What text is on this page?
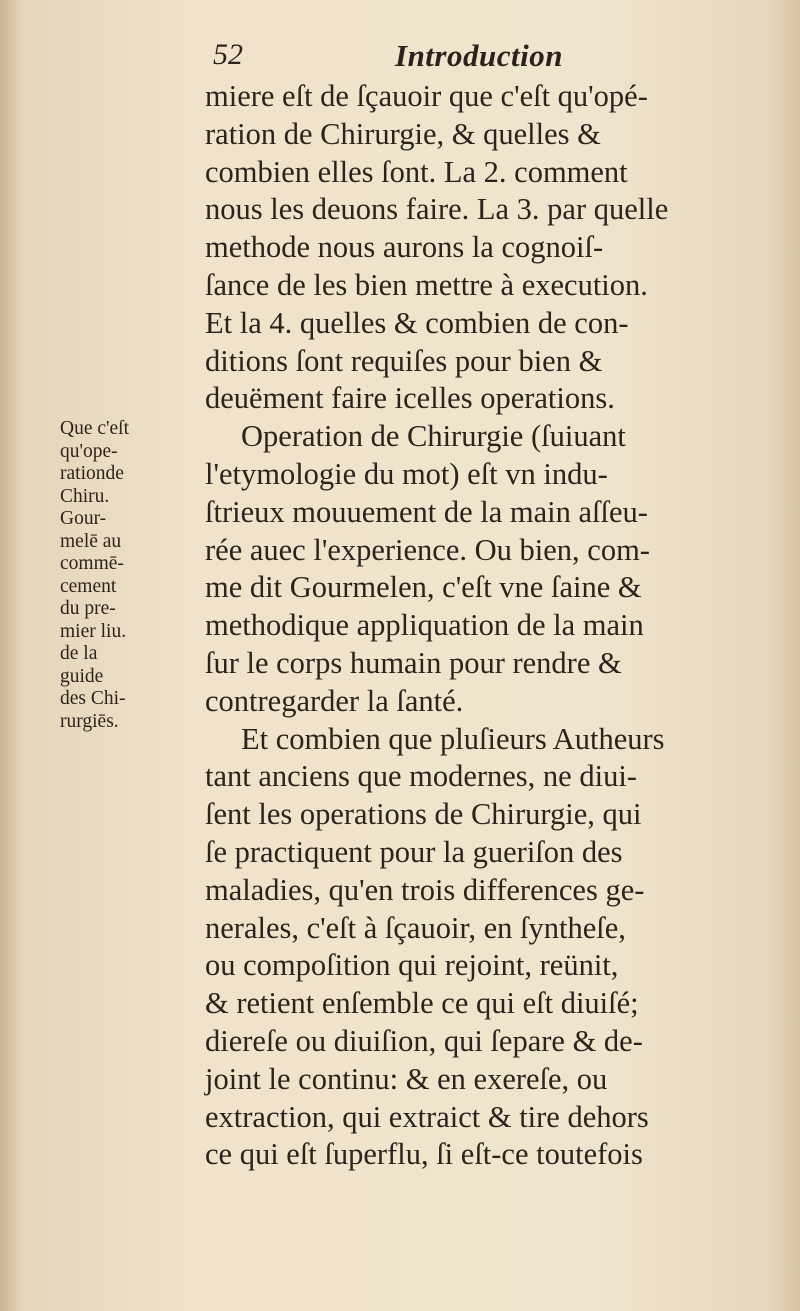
52	Introduction
miere eſt de ſçauoir que c'eſt qu'opé-
ration de Chirurgie, & quelles &
combien elles ſont. La 2. comment
nous les deuons faire. La 3. par quelle
methode nous aurons la cognoiſ-
ſance de les bien mettre à execution.
Et la 4. quelles & combien de con-
ditions ſont requiſes pour bien &
deuëment faire icelles operations.
Operation de Chirurgie (ſuiuant
l'etymologie du mot) eſt vn indu-
ſtrieux mouuement de la main aſſeu-
rée auec l'experience. Ou bien, com-
me dit Gourmelen, c'eſt vne ſaine &
methodique appliquation de la main
ſur le corps humain pour rendre &
contregarder la ſanté.
Et combien que pluſieurs Autheurs
tant anciens que modernes, ne diui-
ſent les operations de Chirurgie, qui
ſe practiquent pour la gueriſon des
maladies, qu'en trois differences ge-
nerales, c'eſt à ſçauoir, en ſyntheſe,
ou compoſition qui rejoint, reünit,
& retient enſemble ce qui eſt diuiſé;
diereſe ou diuiſion, qui ſepare & de-
joint le continu: & en exereſe, ou
extraction, qui extraict & tire dehors
ce qui eſt ſuperflu, ſi eſt-ce toutefois
Que c'eſt
qu'ope-
rationde
Chiru.
Gour-
melē au
commē-
cement
du pre-
mier liu.
de la
guide
des Chi-
rurgiēs.
